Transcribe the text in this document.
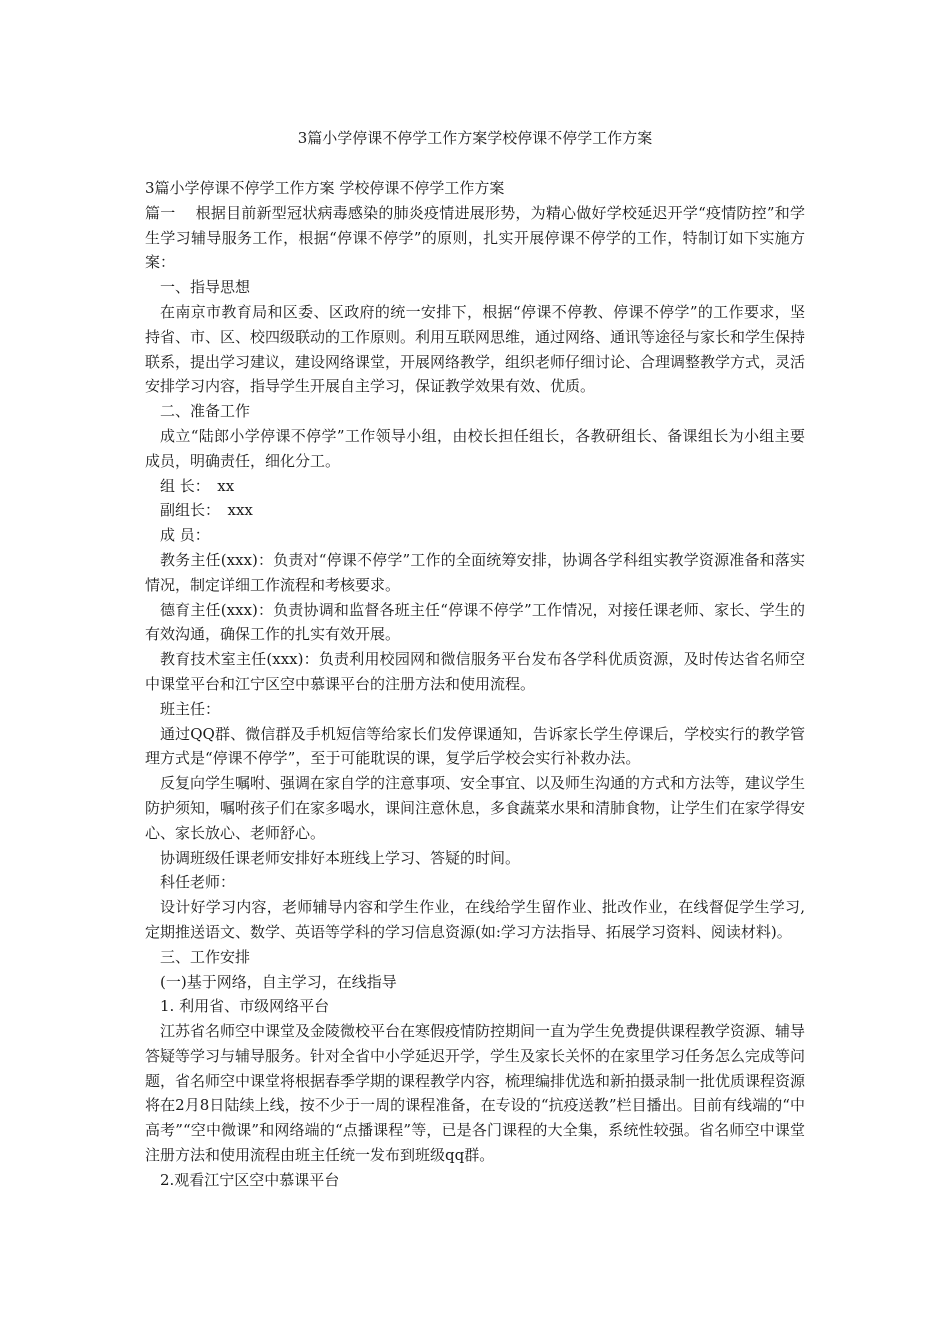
3篇小学停课不停学工作方案学校停课不停学工作方案

3篇小学停课不停学工作方案 学校停课不停学工作方案

篇一　 根据目前新型冠状病毒感染的肺炎疫情进展形势，为精心做好学校延迟开学“疫情防控”和学生学习辅导服务工作，根据“停课不停学”的原则，扎实开展停课不停学的工作，特制订如下实施方案：

一、指导思想

在南京市教育局和区委、区政府的统一安排下，根据“停课不停教、停课不停学”的工作要求，坚持省、市、区、校四级联动的工作原则。利用互联网思维，通过网络、通讯等途径与家长和学生保持联系，提出学习建议，建设网络课堂，开展网络教学，组织老师仔细讨论、合理调整教学方式，灵活安排学习内容，指导学生开展自主学习，保证教学效果有效、优质。

二、准备工作

成立“陆郎小学停课不停学”工作领导小组，由校长担任组长，各教研组长、备课组长为小组主要成员，明确责任，细化分工。

组 长：　xx

副组长：　xxx

成 员：

教务主任(xxx)：负责对“停课不停学”工作的全面统筹安排，协调各学科组实教学资源准备和落实情况，制定详细工作流程和考核要求。

德育主任(xxx)：负责协调和监督各班主任“停课不停学”工作情况，对接任课老师、家长、学生的有效沟通，确保工作的扎实有效开展。

教育技术室主任(xxx)：负责利用校园网和微信服务平台发布各学科优质资源，及时传达省名师空中课堂平台和江宁区空中慕课平台的注册方法和使用流程。

班主任：

通过QQ群、微信群及手机短信等给家长们发停课通知，告诉家长学生停课后，学校实行的教学管理方式是“停课不停学”，至于可能耽误的课，复学后学校会实行补救办法。

反复向学生嘱咐、强调在家自学的注意事项、安全事宜、以及师生沟通的方式和方法等，建议学生防护须知，嘱咐孩子们在家多喝水，课间注意休息，多食蔬菜水果和清肺食物，让学生们在家学得安心、家长放心、老师舒心。

协调班级任课老师安排好本班线上学习、答疑的时间。

科任老师：

设计好学习内容，老师辅导内容和学生作业，在线给学生留作业、批改作业，在线督促学生学习,定期推送语文、数学、英语等学科的学习信息资源(如:学习方法指导、拓展学习资料、阅读材料)。

三、工作安排

(一)基于网络，自主学习，在线指导

1. 利用省、市级网络平台

江苏省名师空中课堂及金陵微校平台在寒假疫情防控期间一直为学生免费提供课程教学资源、辅导答疑等学习与辅导服务。针对全省中小学延迟开学，学生及家长关怀的在家里学习任务怎么完成等问题，省名师空中课堂将根据春季学期的课程教学内容，梳理编排优选和新拍摄录制一批优质课程资源将在2月8日陆续上线，按不少于一周的课程准备，在专设的“抗疫送教”栏目播出。目前有线端的“中高考”“空中微课”和网络端的“点播课程”等，已是各门课程的大全集，系统性较强。省名师空中课堂注册方法和使用流程由班主任统一发布到班级qq群。

2.观看江宁区空中慕课平台
